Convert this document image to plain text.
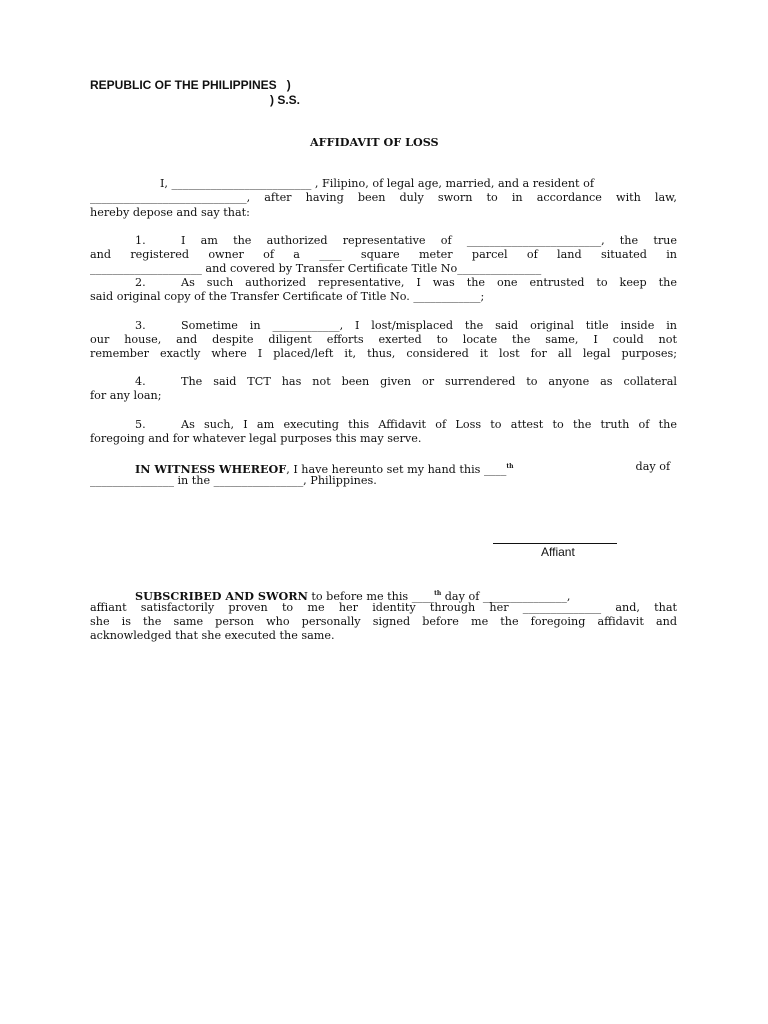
REPUBLIC OF THE PHILIPPINES   )
) S.S.
AFFIDAVIT OF LOSS
I, _________________________ , Filipino, of legal age, married, and a resident of
____________________________, after having been duly sworn to in accordance with law,
hereby depose and say that:
1.	I am the authorized representative of ________________________, the true
and registered owner of a ____ square meter parcel of land situated in
____________________ and covered by Transfer Certificate Title No_______________
2.	As such authorized representative, I was the one entrusted to keep the
said original copy of the Transfer Certificate of Title No. ____________;
3.	Sometime in ____________, I lost/misplaced the said original title inside in
our house, and despite diligent efforts exerted to locate the same, I could not
remember exactly where I placed/left it, thus, considered it lost for all legal purposes;
4.	The said TCT has not been given or surrendered to anyone as collateral
for any loan;
5.	As such, I am executing this Affidavit of Loss to attest to the truth of the
foregoing and for whatever legal purposes this may serve.
IN WITNESS WHEREOF, I have hereunto set my hand this ____$^{th}$	day of
_______________ in the ________________, Philippines.
Affiant
SUBSCRIBED AND SWORN to before me this ____$^{th}$ day of _______________,
affiant satisfactorily proven to me her identity through her ______________ and, that
she is the same person who personally signed before me the foregoing affidavit and
acknowledged that she executed the same.
